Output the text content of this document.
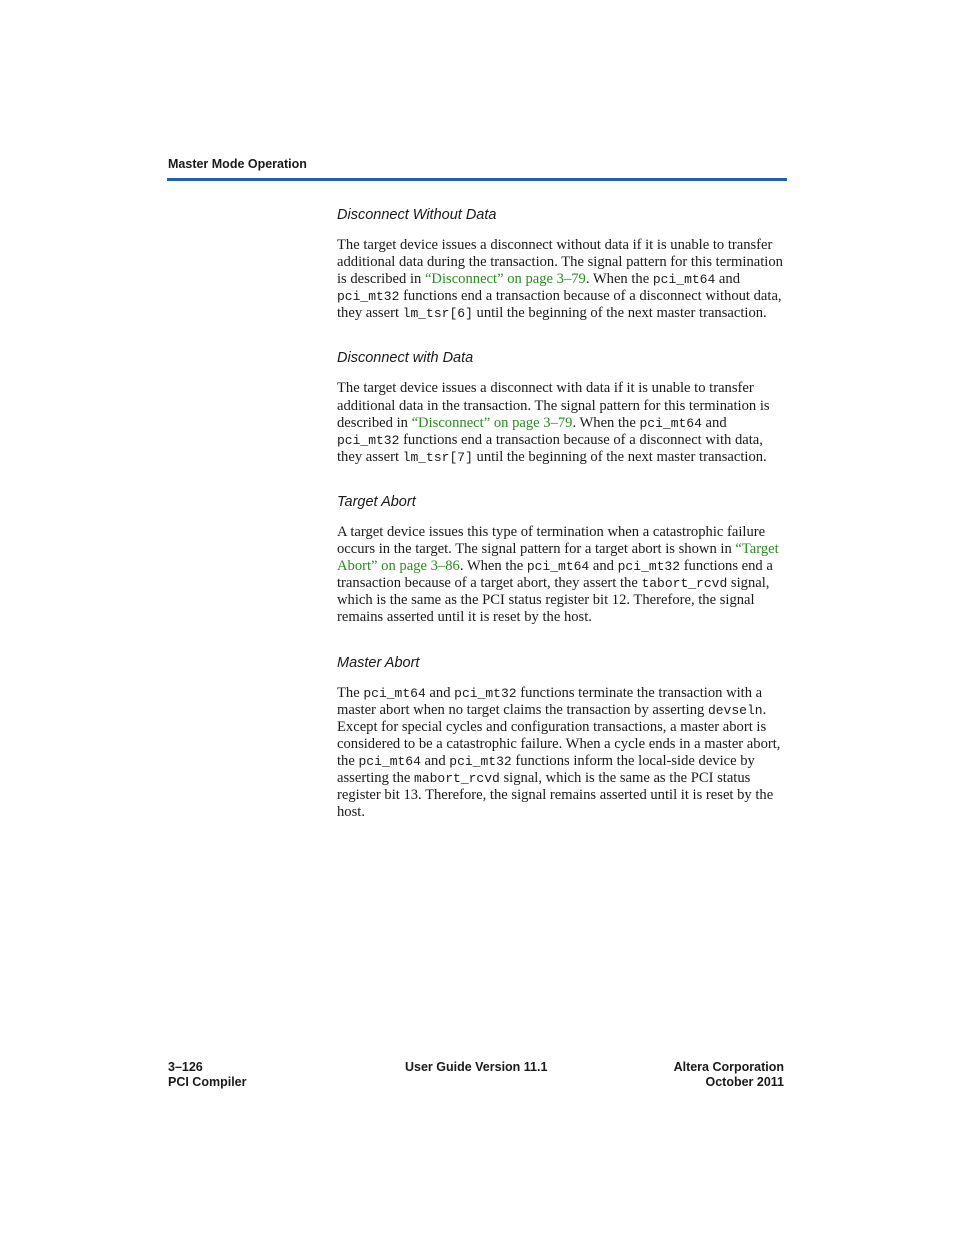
Master Mode Operation
Disconnect Without Data

The target device issues a disconnect without data if it is unable to transfer additional data during the transaction. The signal pattern for this termination is described in “Disconnect” on page 3–79. When the pci_mt64 and pci_mt32 functions end a transaction because of a disconnect without data, they assert lm_tsr[6] until the beginning of the next master transaction.

Disconnect with Data

The target device issues a disconnect with data if it is unable to transfer additional data in the transaction. The signal pattern for this termination is described in “Disconnect” on page 3–79. When the pci_mt64 and pci_mt32 functions end a transaction because of a disconnect with data, they assert lm_tsr[7] until the beginning of the next master transaction.

Target Abort

A target device issues this type of termination when a catastrophic failure occurs in the target. The signal pattern for a target abort is shown in “Target Abort” on page 3–86. When the pci_mt64 and pci_mt32 functions end a transaction because of a target abort, they assert the tabort_rcvd signal, which is the same as the PCI status register bit 12. Therefore, the signal remains asserted until it is reset by the host.

Master Abort

The pci_mt64 and pci_mt32 functions terminate the transaction with a master abort when no target claims the transaction by asserting devseln. Except for special cycles and configuration transactions, a master abort is considered to be a catastrophic failure. When a cycle ends in a master abort, the pci_mt64 and pci_mt32 functions inform the local-side device by asserting the mabort_rcvd signal, which is the same as the PCI status register bit 13. Therefore, the signal remains asserted until it is reset by the host.

3–126
PCI Compiler
User Guide Version 11.1	Altera Corporation
October 2011
